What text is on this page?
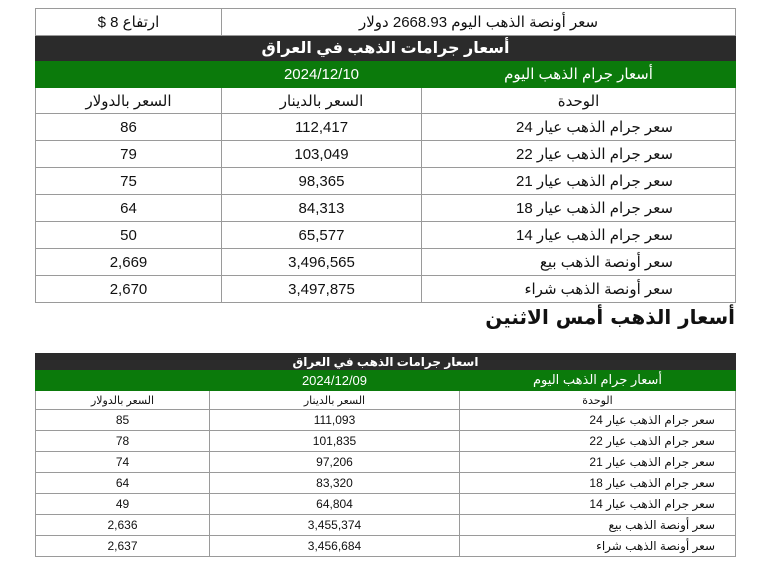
سعر أونصة الذهب اليوم 2668.93 دولار		ارتفاع 8 $
أسعار جرامات الذهب في العراق		
أسعار جرام الذهب اليوم	2024/12/10	
الوحدة	السعر بالدينار	السعر بالدولار
سعر جرام الذهب عيار 24	112,417	86
سعر جرام الذهب عيار 22	103,049	79
سعر جرام الذهب عيار 21	98,365	75
سعر جرام الذهب عيار 18	84,313	64
سعر جرام الذهب عيار 14	65,577	50
سعر أونصة الذهب بيع	3,496,565	2,669
سعر أونصة الذهب شراء	3,497,875	2,670
أسعار الذهب أمس الاثنين
اسعار جرامات الذهب في العراق		
أسعار جرام الذهب اليوم	2024/12/09	
الوحدة	السعر بالدينار	السعر بالدولار
سعر جرام الذهب عيار 24	111,093	85
سعر جرام الذهب عيار 22	101,835	78
سعر جرام الذهب عيار 21	97,206	74
سعر جرام الذهب عيار 18	83,320	64
سعر جرام الذهب عيار 14	64,804	49
سعر أونصة الذهب بيع	3,455,374	2,636
سعر أونصة الذهب شراء	3,456,684	2,637
